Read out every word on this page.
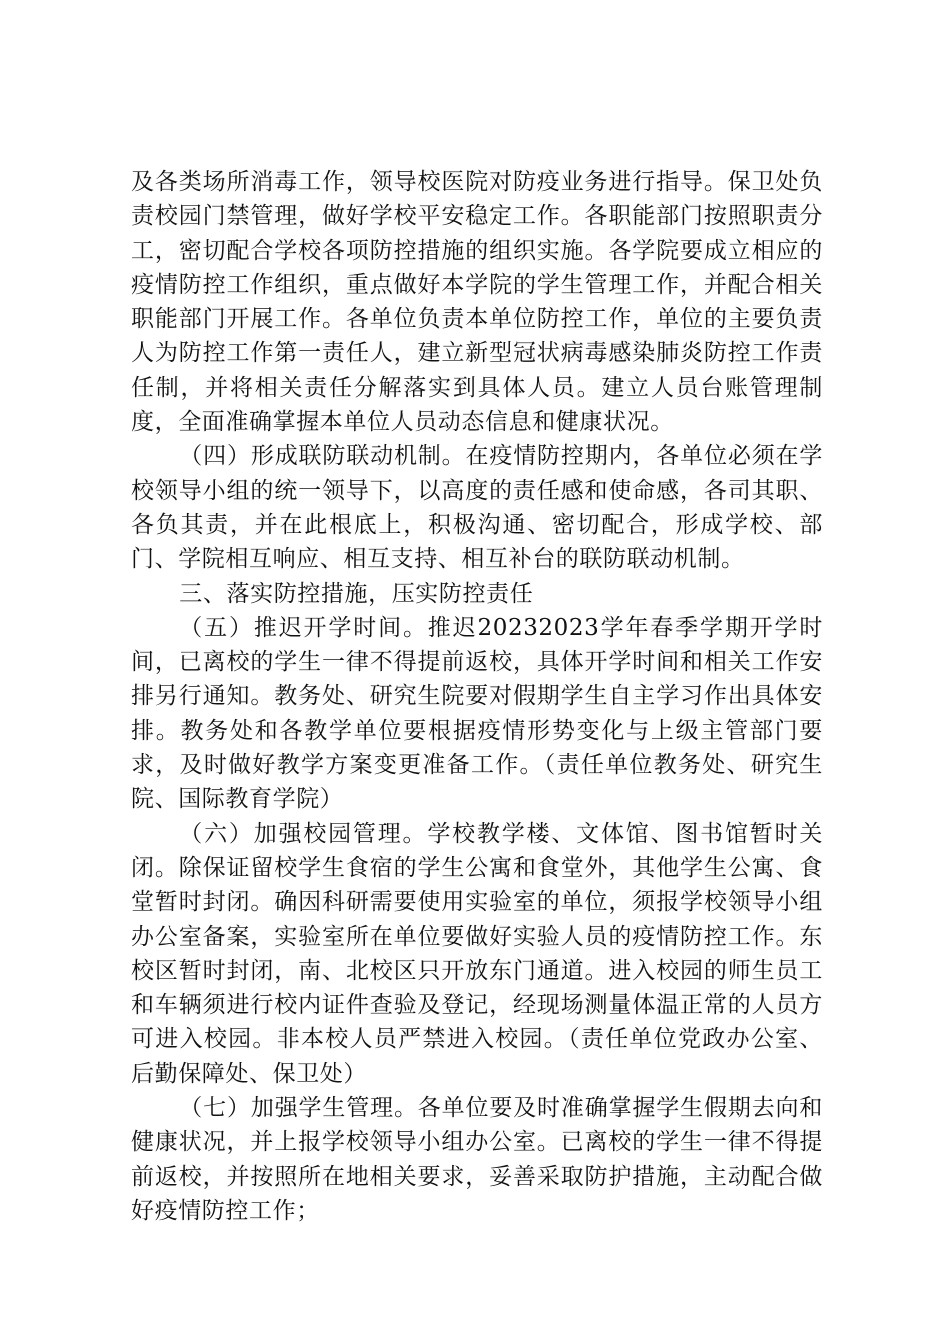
及各类场所消毒工作，领导校医院对防疫业务进行指导。保卫处负责校园门禁管理，做好学校平安稳定工作。各职能部门按照职责分工，密切配合学校各项防控措施的组织实施。各学院要成立相应的疫情防控工作组织，重点做好本学院的学生管理工作，并配合相关职能部门开展工作。各单位负责本单位防控工作，单位的主要负责人为防控工作第一责任人，建立新型冠状病毒感染肺炎防控工作责任制，并将相关责任分解落实到具体人员。建立人员台账管理制度，全面准确掌握本单位人员动态信息和健康状况。

（四）形成联防联动机制。在疫情防控期内，各单位必须在学校领导小组的统一领导下，以高度的责任感和使命感，各司其职、各负其责，并在此根底上，积极沟通、密切配合，形成学校、部门、学院相互响应、相互支持、相互补台的联防联动机制。

三、落实防控措施，压实防控责任

（五）推迟开学时间。推迟20232023学年春季学期开学时间，已离校的学生一律不得提前返校，具体开学时间和相关工作安排另行通知。教务处、研究生院要对假期学生自主学习作出具体安排。教务处和各教学单位要根据疫情形势变化与上级主管部门要求，及时做好教学方案变更准备工作。（责任单位教务处、研究生院、国际教育学院）

（六）加强校园管理。学校教学楼、文体馆、图书馆暂时关闭。除保证留校学生食宿的学生公寓和食堂外，其他学生公寓、食堂暂时封闭。确因科研需要使用实验室的单位，须报学校领导小组办公室备案，实验室所在单位要做好实验人员的疫情防控工作。东校区暂时封闭，南、北校区只开放东门通道。进入校园的师生员工和车辆须进行校内证件查验及登记，经现场测量体温正常的人员方可进入校园。非本校人员严禁进入校园。（责任单位党政办公室、后勤保障处、保卫处）

（七）加强学生管理。各单位要及时准确掌握学生假期去向和健康状况，并上报学校领导小组办公室。已离校的学生一律不得提前返校，并按照所在地相关要求，妥善采取防护措施，主动配合做好疫情防控工作；
